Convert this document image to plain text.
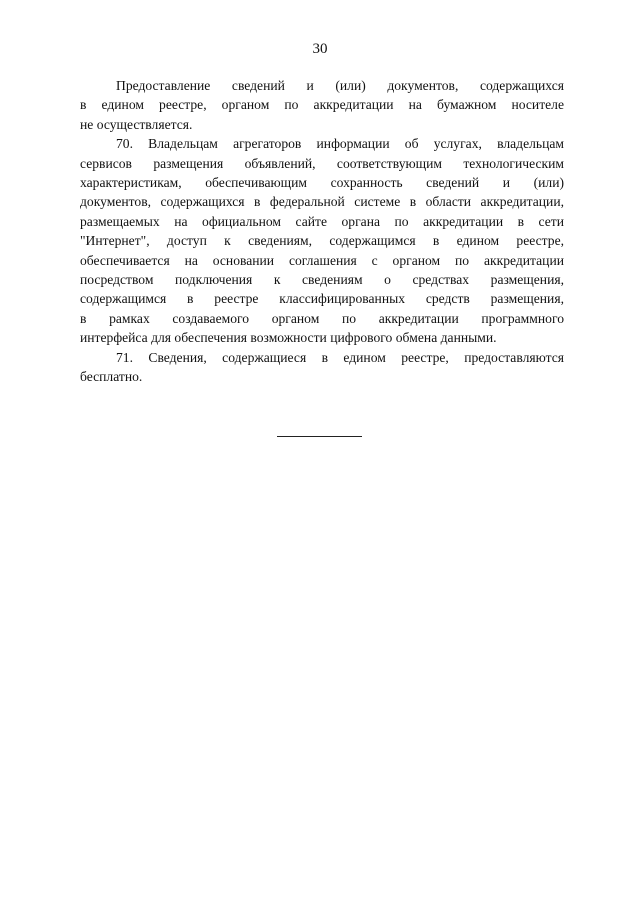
30
Предоставление сведений и (или) документов, содержащихся
в едином реестре, органом по аккредитации на бумажном носителе
не осуществляется.
70. Владельцам агрегаторов информации об услугах, владельцам
сервисов размещения объявлений, соответствующим технологическим
характеристикам, обеспечивающим сохранность сведений и (или)
документов, содержащихся в федеральной системе в области аккредитации,
размещаемых на официальном сайте органа по аккредитации в сети
"Интернет", доступ к сведениям, содержащимся в едином реестре,
обеспечивается на основании соглашения с органом по аккредитации
посредством подключения к сведениям о средствах размещения,
содержащимся в реестре классифицированных средств размещения,
в рамках создаваемого органом по аккредитации программного
интерфейса для обеспечения возможности цифрового обмена данными.
71. Сведения, содержащиеся в едином реестре, предоставляются
бесплатно.
